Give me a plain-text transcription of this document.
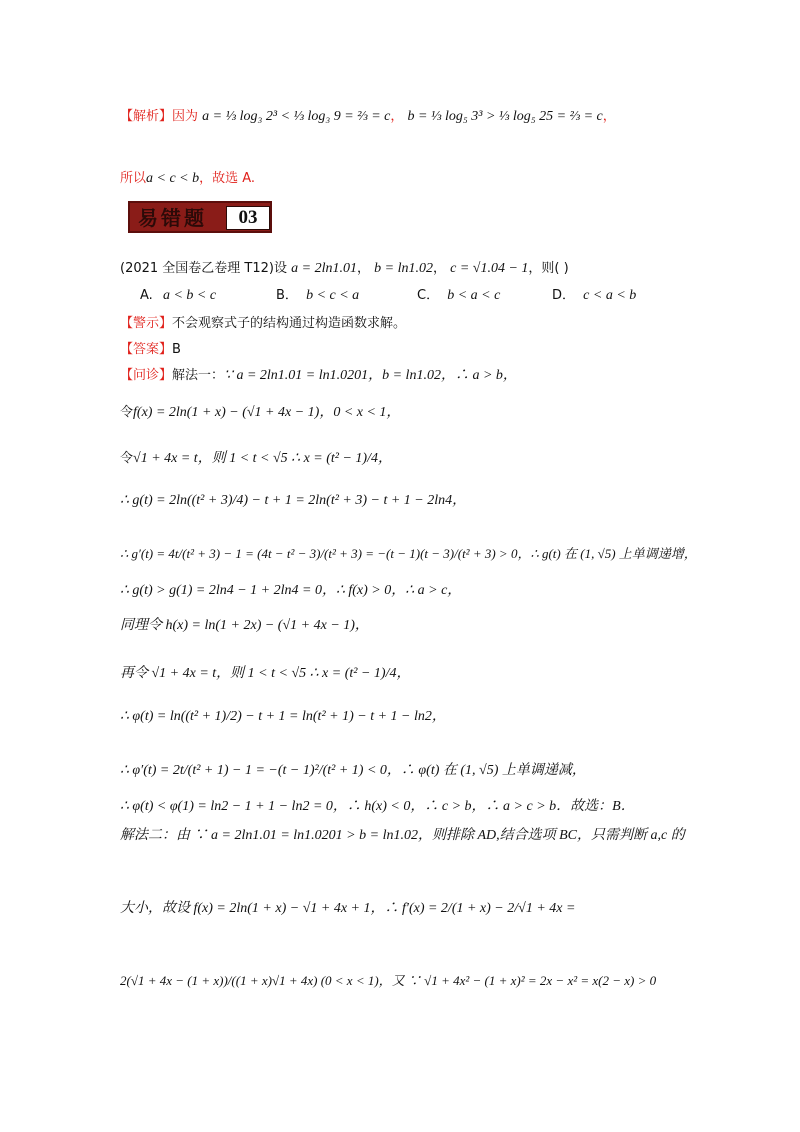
【解析】因为 a = ⅓ log₃ 2³ < ⅓ log₃ 9 = ⅔ = c， b = ⅓ log₅ 3³ > ⅓ log₅ 25 = ⅔ = c，
所以a < c < b，故选 A.
易错题	03
(2021 全国卷乙卷理 T12)设 a = 2ln1.01， b = ln1.02， c = √1.04 − 1，则( )
A. a < b < c	B． b < c < a	C． b < a < c	D． c < a < b
【警示】不会观察式子的结构通过构造函数求解。
【答案】B
【问诊】解法一：∵ a = 2ln1.01 = ln1.0201，b = ln1.02，∴ a > b，
令f(x) = 2ln(1 + x) − (√1 + 4x − 1)，0 < x < 1，
令√1 + 4x = t，则 1 < t < √5 ∴ x = (t² − 1)/4，
∴ g(t) = 2ln((t² + 3)/4) − t + 1 = 2ln(t² + 3) − t + 1 − 2ln4，
∴ g′(t) = 4t/(t² + 3) − 1 = (4t − t² − 3)/(t² + 3) = −(t − 1)(t − 3)/(t² + 3) > 0，∴ g(t) 在 (1, √5) 上单调递增，
∴ g(t) > g(1) = 2ln4 − 1 + 2ln4 = 0，∴ f(x) > 0，∴ a > c，
同理令 h(x) = ln(1 + 2x) − (√1 + 4x − 1)，
再令 √1 + 4x = t，则 1 < t < √5 ∴ x = (t² − 1)/4，
∴ φ(t) = ln((t² + 1)/2) − t + 1 = ln(t² + 1) − t + 1 − ln2，
∴ φ′(t) = 2t/(t² + 1) − 1 = −(t − 1)²/(t² + 1) < 0，∴ φ(t) 在 (1, √5) 上单调递减，
∴ φ(t) < φ(1) = ln2 − 1 + 1 − ln2 = 0，∴ h(x) < 0，∴ c > b，∴ a > c > b．故选：B．
解法二：由 ∵ a = 2ln1.01 = ln1.0201 > b = ln1.02，则排除 AD,结合选项 BC，只需判断 a,c 的
大小，故设 f(x) = 2ln(1 + x) − √1 + 4x + 1，∴ f′(x) = 2/(1 + x) − 2/√1 + 4x =
2(√1 + 4x − (1 + x))/((1 + x)√1 + 4x) (0 < x < 1)，又 ∵ √1 + 4x² − (1 + x)² = 2x − x² = x(2 − x) > 0
